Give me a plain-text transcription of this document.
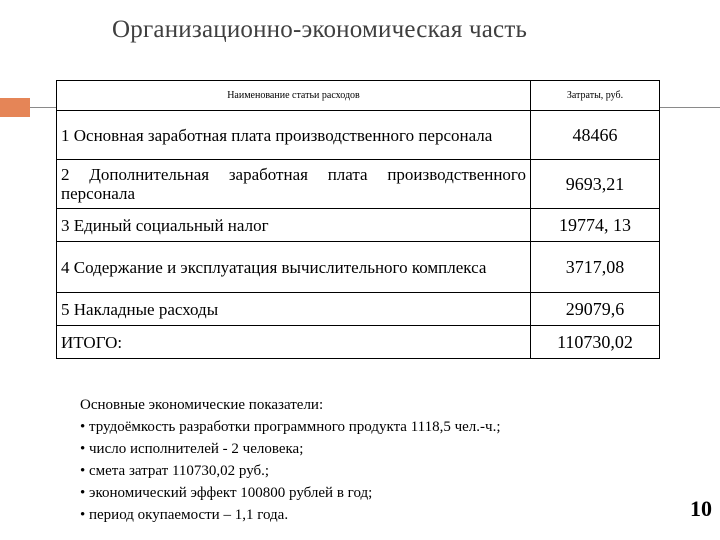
Организационно-экономическая часть
Наименование статьи расходов	Затраты, руб.
1 Основная заработная плата производственного персонала	48466
2 Дополнительная заработная плата производственного персонала	9693,21
3 Единый социальный налог	19774, 13
4 Содержание и эксплуатация вычислительного комплекса	3717,08
5 Накладные расходы	29079,6
ИТОГО:	110730,02
Основные экономические показатели:
• трудоёмкость разработки программного продукта 1118,5 чел.-ч.;
• число исполнителей - 2 человека;
• смета затрат 110730,02 руб.;
• экономический эффект 100800 рублей в год;
• период окупаемости – 1,1 года.	10
